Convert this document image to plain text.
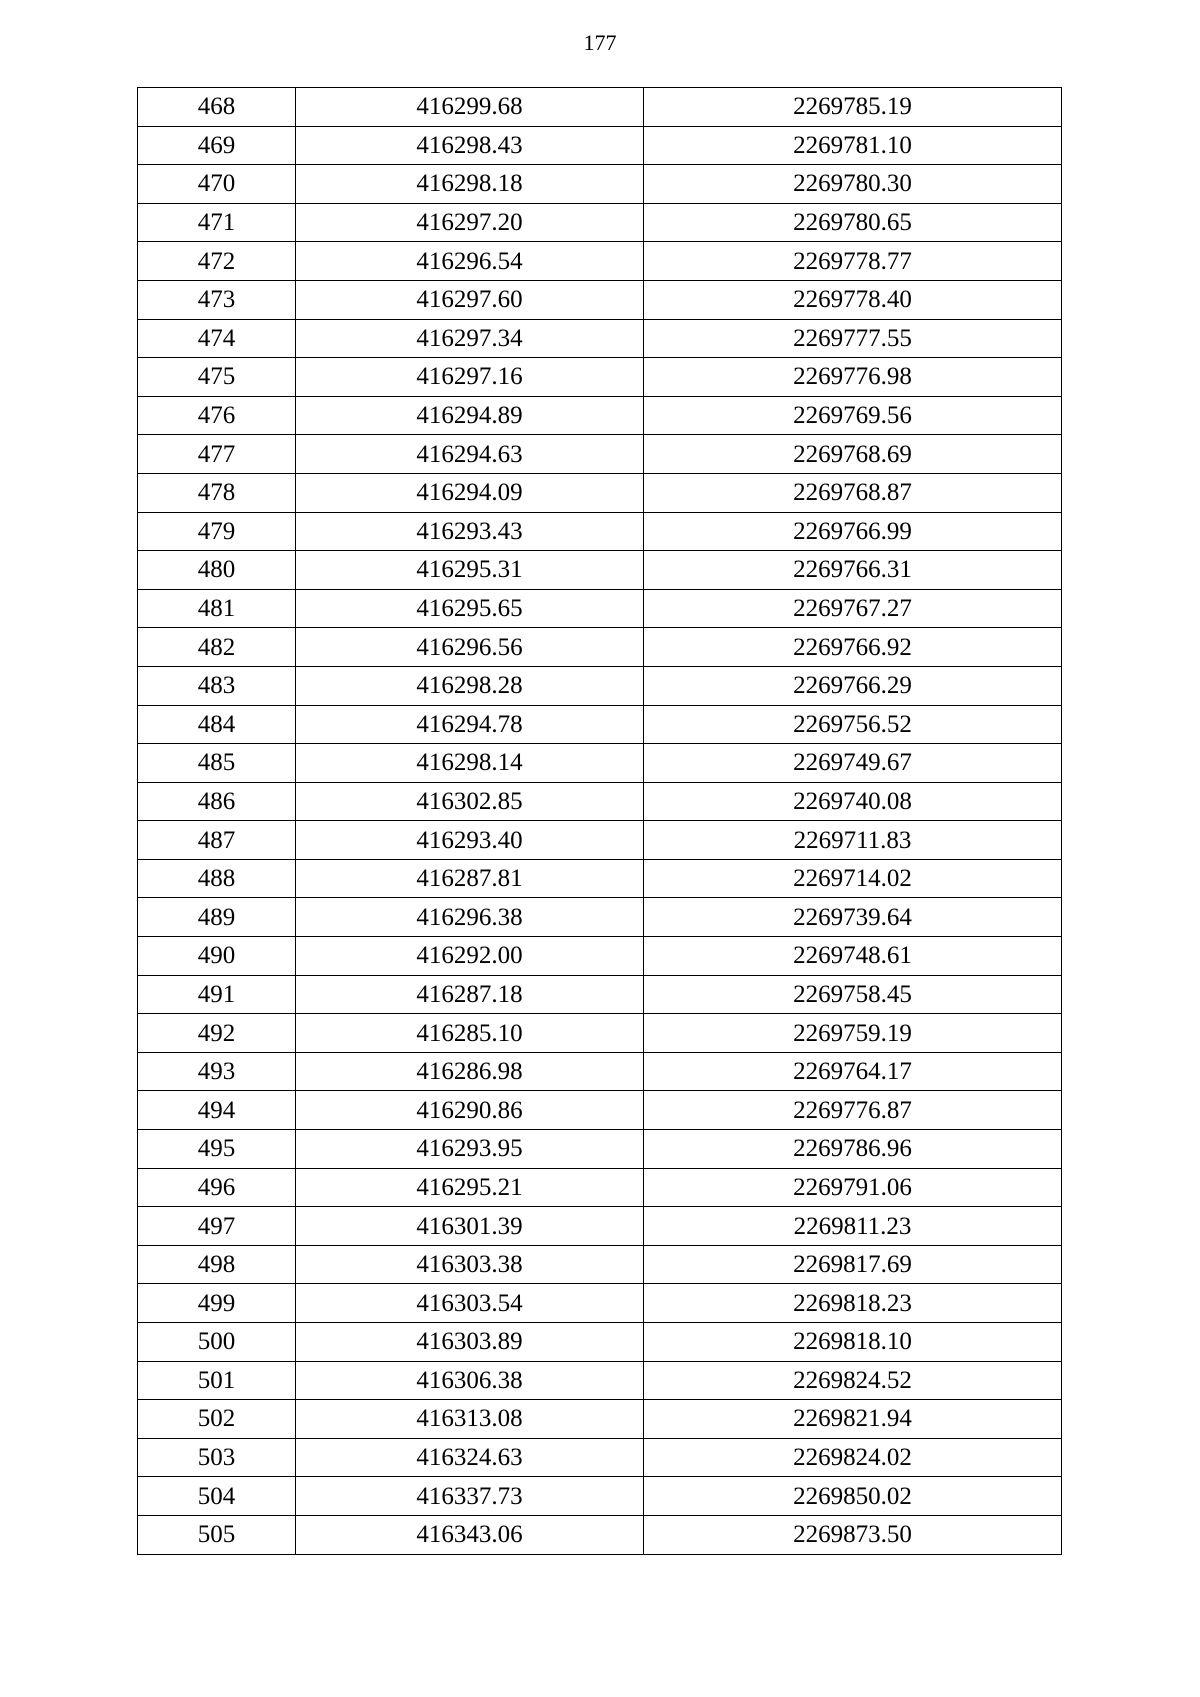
177
468	416299.68	2269785.19
469	416298.43	2269781.10
470	416298.18	2269780.30
471	416297.20	2269780.65
472	416296.54	2269778.77
473	416297.60	2269778.40
474	416297.34	2269777.55
475	416297.16	2269776.98
476	416294.89	2269769.56
477	416294.63	2269768.69
478	416294.09	2269768.87
479	416293.43	2269766.99
480	416295.31	2269766.31
481	416295.65	2269767.27
482	416296.56	2269766.92
483	416298.28	2269766.29
484	416294.78	2269756.52
485	416298.14	2269749.67
486	416302.85	2269740.08
487	416293.40	2269711.83
488	416287.81	2269714.02
489	416296.38	2269739.64
490	416292.00	2269748.61
491	416287.18	2269758.45
492	416285.10	2269759.19
493	416286.98	2269764.17
494	416290.86	2269776.87
495	416293.95	2269786.96
496	416295.21	2269791.06
497	416301.39	2269811.23
498	416303.38	2269817.69
499	416303.54	2269818.23
500	416303.89	2269818.10
501	416306.38	2269824.52
502	416313.08	2269821.94
503	416324.63	2269824.02
504	416337.73	2269850.02
505	416343.06	2269873.50
